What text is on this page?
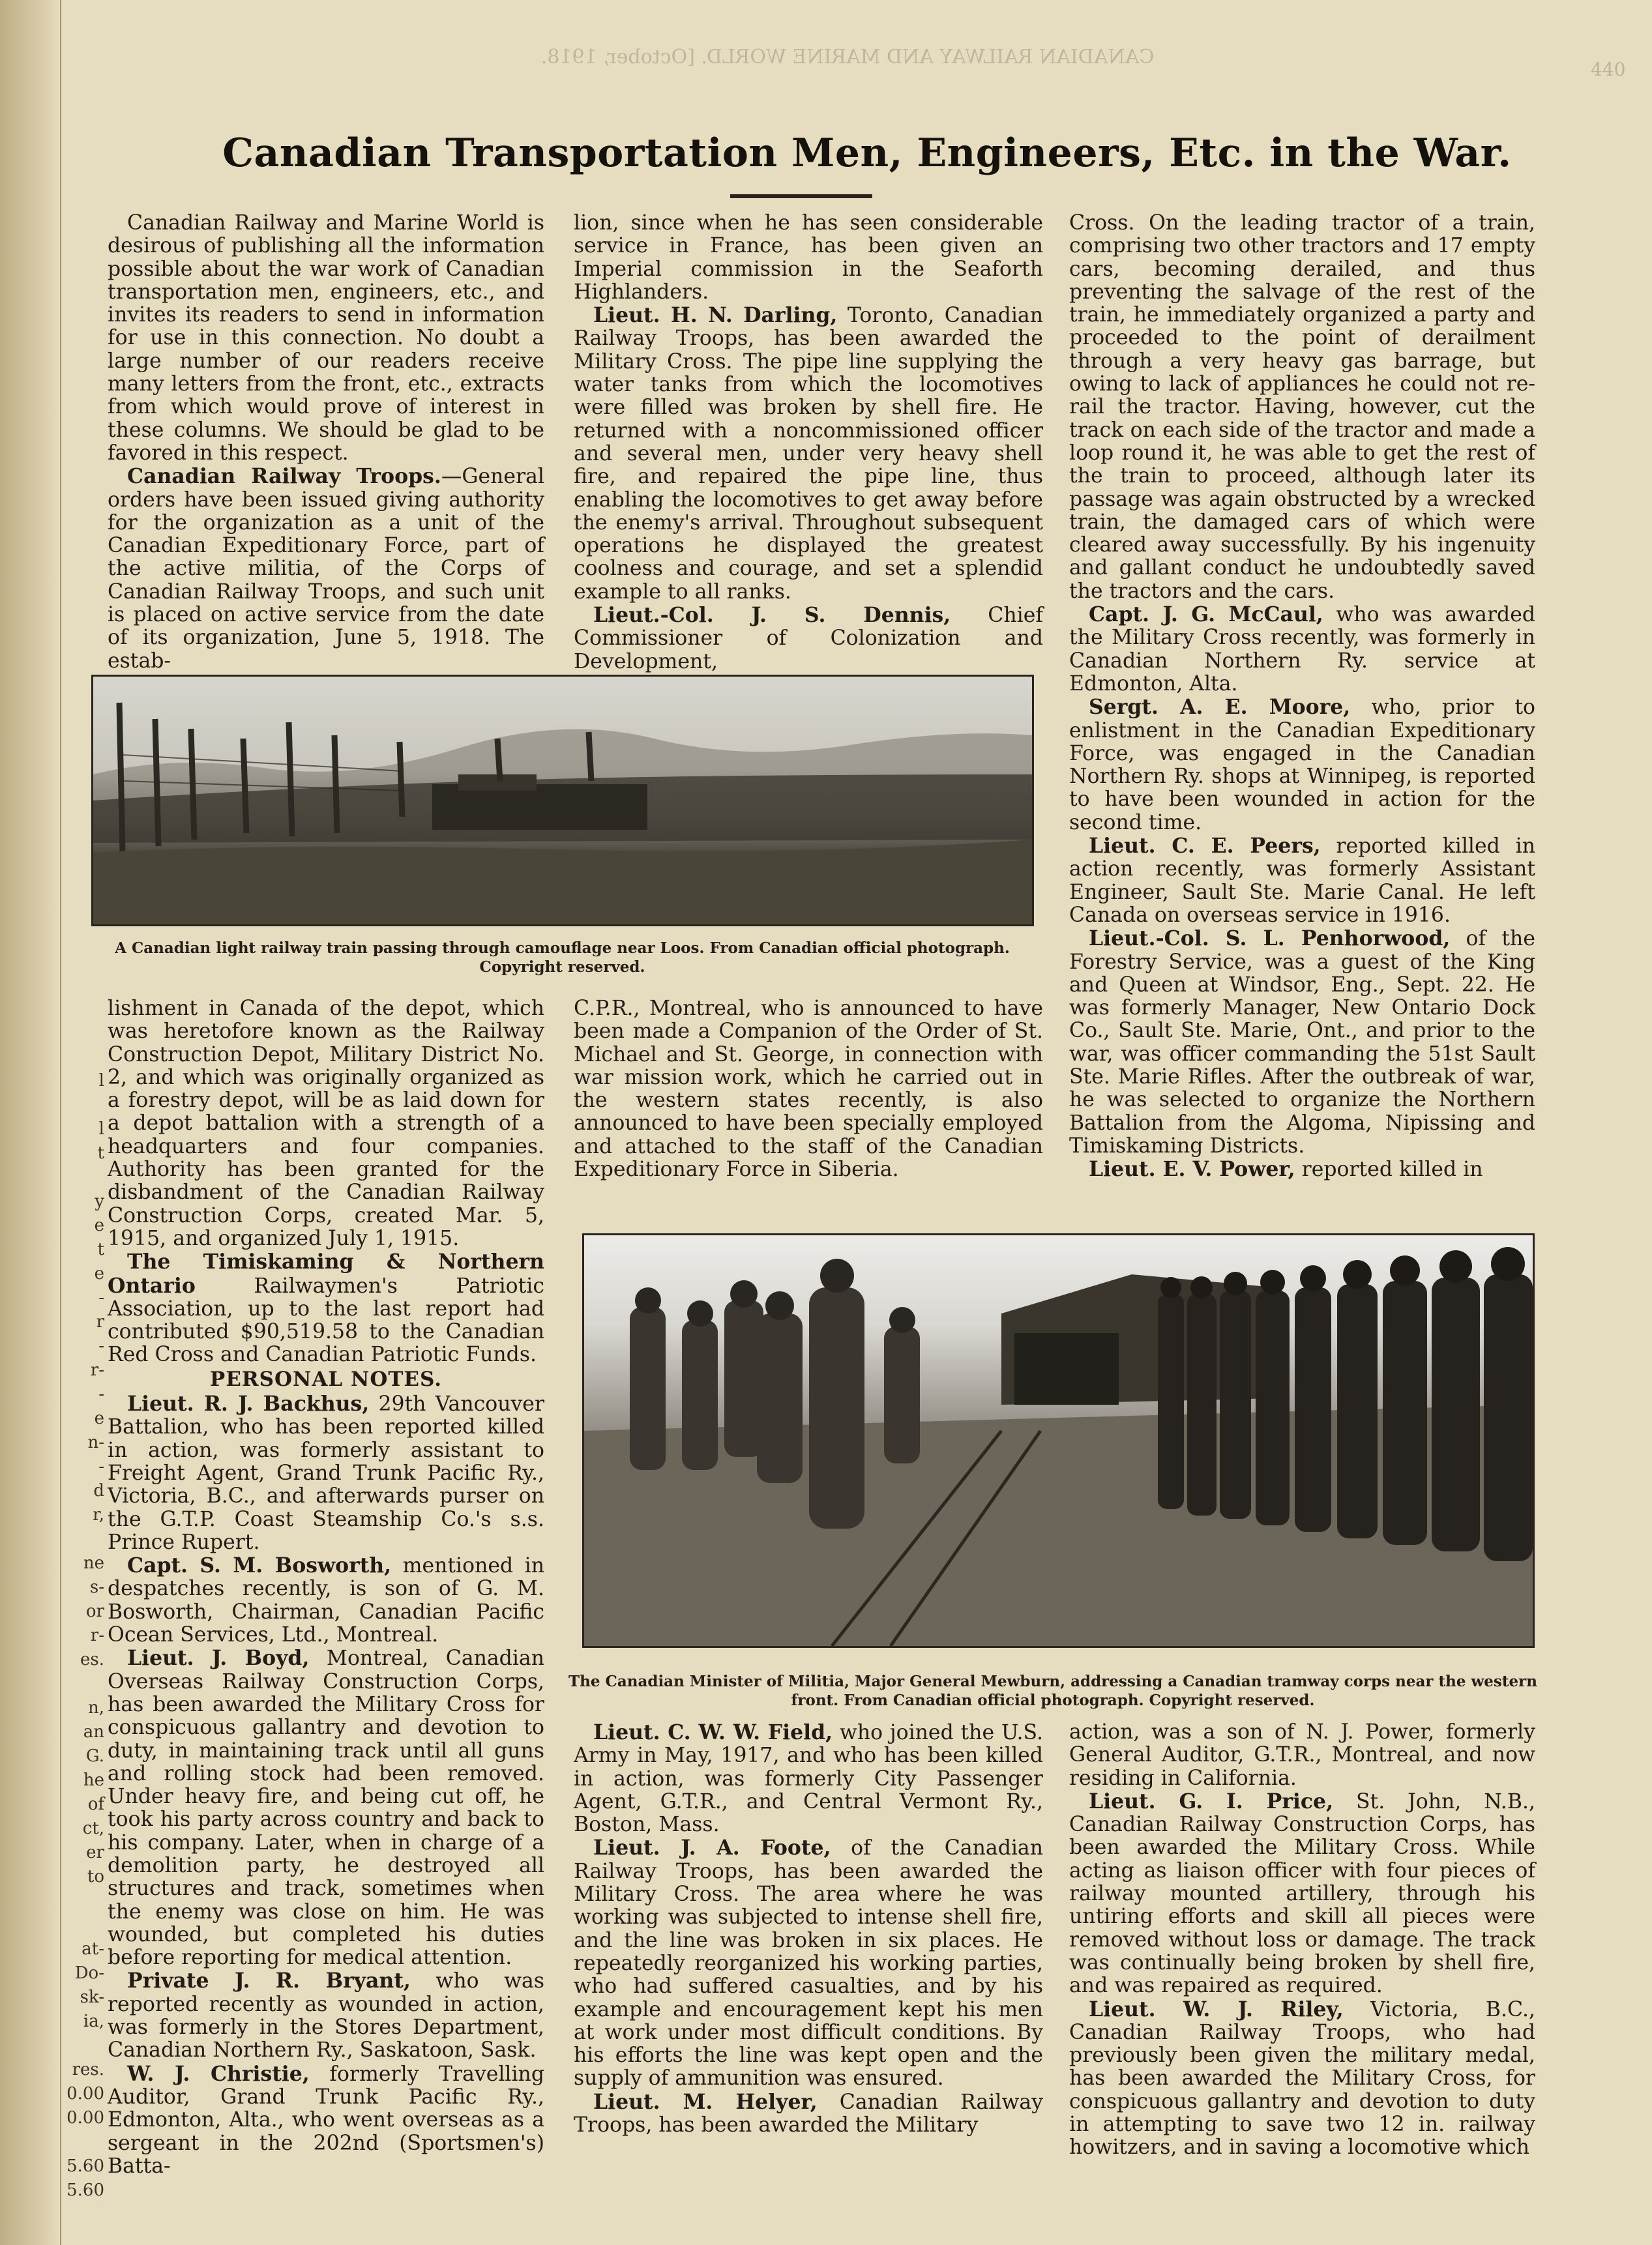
l

l
t

y
e
t
e
-
r
-
r-
-
e
n-
-
d
r,

ne
s-
or
r-
es.

n,
an
G.
he
of
ct,
er
to

at-
Do-
sk-
ia,

res.
0.00
0.00

5.60
5.60
CANADIAN RAILWAY AND MARINE WORLD. [October, 1918.
440
Canadian Transportation Men, Engineers, Etc. in the War.

Canadian Railway and Marine World is desirous of publishing all the information possible about the war work of Canadian transportation men, engineers, etc., and invites its readers to send in information for use in this connection. No doubt a large number of our readers receive many letters from the front, etc., extracts from which would prove of interest in these columns. We should be glad to be favored in this respect.

Canadian Railway Troops.—General orders have been issued giving authority for the organization as a unit of the Canadian Expeditionary Force, part of the active militia, of the Corps of Canadian Railway Troops, and such unit is placed on active service from the date of its organization, June 5, 1918. The estab-

lion, since when he has seen considerable service in France, has been given an Imperial commission in the Seaforth Highlanders.

Lieut. H. N. Darling, Toronto, Canadian Railway Troops, has been awarded the Military Cross. The pipe line supplying the water tanks from which the locomotives were filled was broken by shell fire. He returned with a noncommissioned officer and several men, under very heavy shell fire, and repaired the pipe line, thus enabling the locomotives to get away before the enemy's arrival. Throughout subsequent operations he displayed the greatest coolness and courage, and set a splendid example to all ranks.

Lieut.-Col. J. S. Dennis, Chief Commissioner of Colonization and Development,

Cross. On the leading tractor of a train, comprising two other tractors and 17 empty cars, becoming derailed, and thus preventing the salvage of the rest of the train, he immediately organized a party and proceeded to the point of derailment through a very heavy gas barrage, but owing to lack of appliances he could not re-rail the tractor. Having, however, cut the track on each side of the tractor and made a loop round it, he was able to get the rest of the train to proceed, although later its passage was again obstructed by a wrecked train, the damaged cars of which were cleared away successfully. By his ingenuity and gallant conduct he undoubtedly saved the tractors and the cars.

Capt. J. G. McCaul, who was awarded the Military Cross recently, was formerly in Canadian Northern Ry. service at Edmonton, Alta.

Sergt. A. E. Moore, who, prior to enlistment in the Canadian Expeditionary Force, was engaged in the Canadian Northern Ry. shops at Winnipeg, is reported to have been wounded in action for the second time.

Lieut. C. E. Peers, reported killed in action recently, was formerly Assistant Engineer, Sault Ste. Marie Canal. He left Canada on overseas service in 1916.

Lieut.-Col. S. L. Penhorwood, of the Forestry Service, was a guest of the King and Queen at Windsor, Eng., Sept. 22. He was formerly Manager, New Ontario Dock Co., Sault Ste. Marie, Ont., and prior to the war, was officer commanding the 51st Sault Ste. Marie Rifles. After the outbreak of war, he was selected to organize the Northern Battalion from the Algoma, Nipissing and Timiskaming Districts.

Lieut. E. V. Power, reported killed in

A Canadian light railway train passing through camouflage near Loos. From Canadian official photograph. Copyright reserved.

lishment in Canada of the depot, which was heretofore known as the Railway Construction Depot, Military District No. 2, and which was originally organized as a forestry depot, will be as laid down for a depot battalion with a strength of a headquarters and four companies. Authority has been granted for the disbandment of the Canadian Railway Construction Corps, created Mar. 5, 1915, and organized July 1, 1915.

The Timiskaming & Northern Ontario Railwaymen's Patriotic Association, up to the last report had contributed $90,519.58 to the Canadian Red Cross and Canadian Patriotic Funds.

PERSONAL NOTES.

Lieut. R. J. Backhus, 29th Vancouver Battalion, who has been reported killed in action, was formerly assistant to Freight Agent, Grand Trunk Pacific Ry., Victoria, B.C., and afterwards purser on the G.T.P. Coast Steamship Co.'s s.s. Prince Rupert.

Capt. S. M. Bosworth, mentioned in despatches recently, is son of G. M. Bosworth, Chairman, Canadian Pacific Ocean Services, Ltd., Montreal.

Lieut. J. Boyd, Montreal, Canadian Overseas Railway Construction Corps, has been awarded the Military Cross for conspicuous gallantry and devotion to duty, in maintaining track until all guns and rolling stock had been removed. Under heavy fire, and being cut off, he took his party across country and back to his company. Later, when in charge of a demolition party, he destroyed all structures and track, sometimes when the enemy was close on him. He was wounded, but completed his duties before reporting for medical attention.

Private J. R. Bryant, who was reported recently as wounded in action, was formerly in the Stores Department, Canadian Northern Ry., Saskatoon, Sask.

W. J. Christie, formerly Travelling Auditor, Grand Trunk Pacific Ry., Edmonton, Alta., who went overseas as a sergeant in the 202nd (Sportsmen's) Batta-

C.P.R., Montreal, who is announced to have been made a Companion of the Order of St. Michael and St. George, in connection with war mission work, which he carried out in the western states recently, is also announced to have been specially employed and attached to the staff of the Canadian Expeditionary Force in Siberia.

The Canadian Minister of Militia, Major General Mewburn, addressing a Canadian tramway corps near the western front. From Canadian official photograph. Copyright reserved.

Lieut. C. W. W. Field, who joined the U.S. Army in May, 1917, and who has been killed in action, was formerly City Passenger Agent, G.T.R., and Central Vermont Ry., Boston, Mass.

Lieut. J. A. Foote, of the Canadian Railway Troops, has been awarded the Military Cross. The area where he was working was subjected to intense shell fire, and the line was broken in six places. He repeatedly reorganized his working parties, who had suffered casualties, and by his example and encouragement kept his men at work under most difficult conditions. By his efforts the line was kept open and the supply of ammunition was ensured.

Lieut. M. Helyer, Canadian Railway Troops, has been awarded the Military

action, was a son of N. J. Power, formerly General Auditor, G.T.R., Montreal, and now residing in California.

Lieut. G. I. Price, St. John, N.B., Canadian Railway Construction Corps, has been awarded the Military Cross. While acting as liaison officer with four pieces of railway mounted artillery, through his untiring efforts and skill all pieces were removed without loss or damage. The track was continually being broken by shell fire, and was repaired as required.

Lieut. W. J. Riley, Victoria, B.C., Canadian Railway Troops, who had previously been given the military medal, has been awarded the Military Cross, for conspicuous gallantry and devotion to duty in attempting to save two 12 in. railway howitzers, and in saving a locomotive which
